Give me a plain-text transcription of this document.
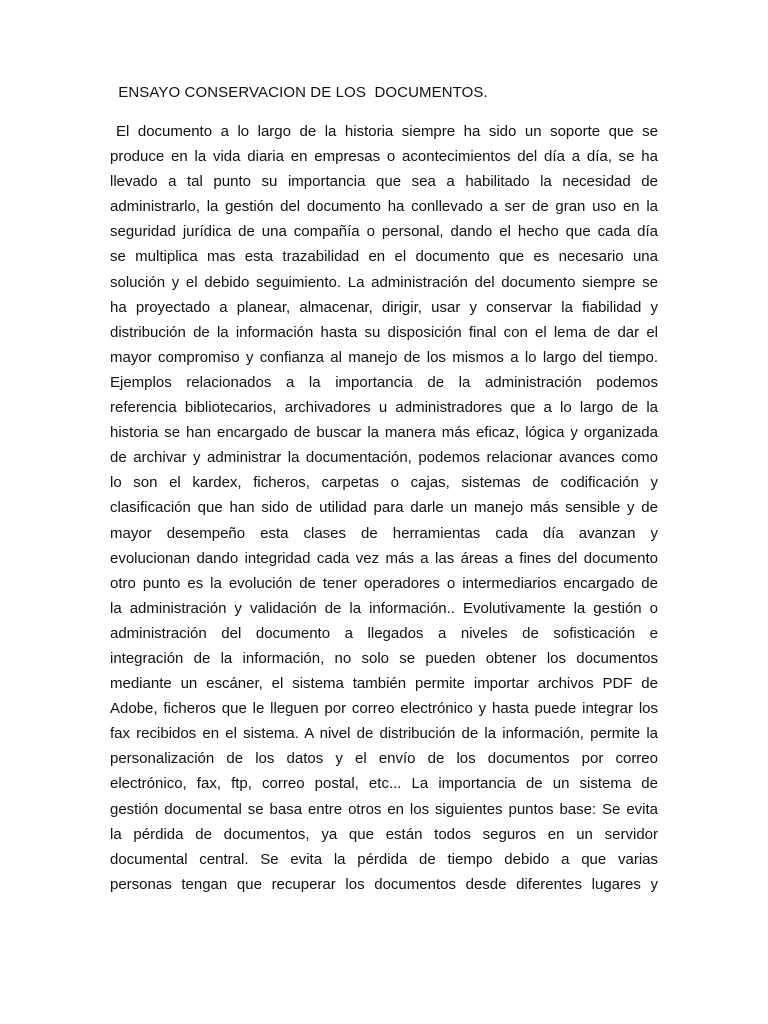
ENSAYO CONSERVACION DE LOS  DOCUMENTOS.
El documento a lo largo de la historia siempre ha sido un soporte que se
produce en la vida diaria en empresas o acontecimientos del día a día, se ha
llevado a tal punto su importancia que sea a habilitado la necesidad de
administrarlo, la gestión del documento ha conllevado a ser de gran uso en la
seguridad jurídica de una compañía o personal, dando el hecho que cada día
se multiplica mas esta trazabilidad en el documento que es necesario una
solución y el debido seguimiento. La administración del documento siempre se
ha proyectado a planear, almacenar, dirigir, usar y conservar la fiabilidad y
distribución de la información hasta su disposición final con el lema de dar el
mayor compromiso y confianza al manejo de los mismos a lo largo del tiempo.
Ejemplos relacionados a la importancia de la administración podemos
referencia bibliotecarios, archivadores u administradores que a lo largo de la
historia se han encargado de buscar la manera más eficaz, lógica y organizada
de archivar y administrar la documentación, podemos relacionar avances como
lo son el kardex, ficheros, carpetas o cajas, sistemas de codificación y
clasificación que han sido de utilidad para darle un manejo más sensible y de
mayor desempeño esta clases de herramientas cada día avanzan y
evolucionan dando integridad cada vez más a las áreas a fines del documento
otro punto es la evolución de tener operadores o intermediarios encargado de
la administración y validación de la información.. Evolutivamente la gestión o
administración del documento a llegados a niveles de sofisticación e
integración de la información, no solo se pueden obtener los documentos
mediante un escáner, el sistema también permite importar archivos PDF de
Adobe, ficheros que le lleguen por correo electrónico y hasta puede integrar los
fax recibidos en el sistema. A nivel de distribución de la información, permite la
personalización de los datos y el envío de los documentos por correo
electrónico, fax, ftp, correo postal, etc... La importancia de un sistema de
gestión documental se basa entre otros en los siguientes puntos base: Se evita
la pérdida de documentos, ya que están todos seguros en un servidor
documental central. Se evita la pérdida de tiempo debido a que varias
personas tengan que recuperar los documentos desde diferentes lugares y
